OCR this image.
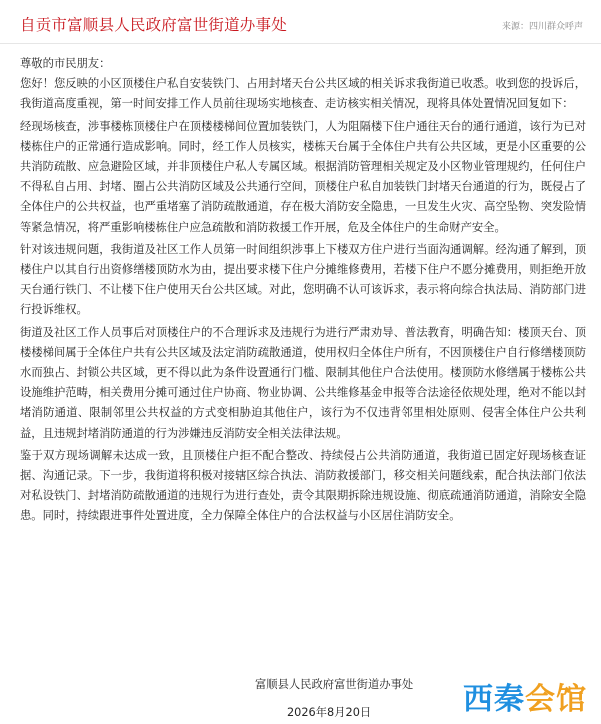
自贡市富顺县人民政府富世街道办事处	来源：四川群众呼声
尊敬的市民朋友：

您好！您反映的小区顶楼住户私自安装铁门、占用封堵天台公共区域的相关诉求我街道已收悉。收到您的投诉后，我街道高度重视，第一时间安排工作人员前往现场实地核查、走访核实相关情况，现将具体处置情况回复如下：

经现场核查，涉事楼栋顶楼住户在顶楼楼梯间位置加装铁门，人为阻隔楼下住户通往天台的通行通道，该行为已对楼栋住户的正常通行造成影响。同时，经工作人员核实，楼栋天台属于全体住户共有公共区域，更是小区重要的公共消防疏散、应急避险区域，并非顶楼住户私人专属区域。根据消防管理相关规定及小区物业管理规约，任何住户不得私自占用、封堵、圈占公共消防区域及公共通行空间，顶楼住户私自加装铁门封堵天台通道的行为，既侵占了全体住户的公共权益，也严重堵塞了消防疏散通道，存在极大消防安全隐患，一旦发生火灾、高空坠物、突发险情等紧急情况，将严重影响楼栋住户应急疏散和消防救援工作开展，危及全体住户的生命财产安全。

针对该违规问题，我街道及社区工作人员第一时间组织涉事上下楼双方住户进行当面沟通调解。经沟通了解到，顶楼住户以其自行出资修缮楼顶防水为由，提出要求楼下住户分摊维修费用，若楼下住户不愿分摊费用，则拒绝开放天台通行铁门、不让楼下住户使用天台公共区域。对此，您明确不认可该诉求，表示将向综合执法局、消防部门进行投诉维权。

街道及社区工作人员事后对顶楼住户的不合理诉求及违规行为进行严肃劝导、普法教育，明确告知：楼顶天台、顶楼楼梯间属于全体住户共有公共区域及法定消防疏散通道，使用权归全体住户所有，不因顶楼住户自行修缮楼顶防水而独占、封锁公共区域，更不得以此为条件设置通行门槛、限制其他住户合法使用。楼顶防水修缮属于楼栋公共设施维护范畴，相关费用分摊可通过住户协商、物业协调、公共维修基金申报等合法途径依规处理，绝对不能以封堵消防通道、限制邻里公共权益的方式变相胁迫其他住户，该行为不仅违背邻里相处原则、侵害全体住户公共利益，且违规封堵消防通道的行为涉嫌违反消防安全相关法律法规。

鉴于双方现场调解未达成一致，且顶楼住户拒不配合整改、持续侵占公共消防通道，我街道已固定好现场核查证据、沟通记录。下一步，我街道将积极对接辖区综合执法、消防救援部门，移交相关问题线索，配合执法部门依法对私设铁门、封堵消防疏散通道的违规行为进行查处，责令其限期拆除违规设施、彻底疏通消防通道，消除安全隐患。同时，持续跟进事件处置进度，全力保障全体住户的合法权益与小区居住消防安全。

富顺县人民政府富世街道办事处
2026年8月20日	西秦会馆
